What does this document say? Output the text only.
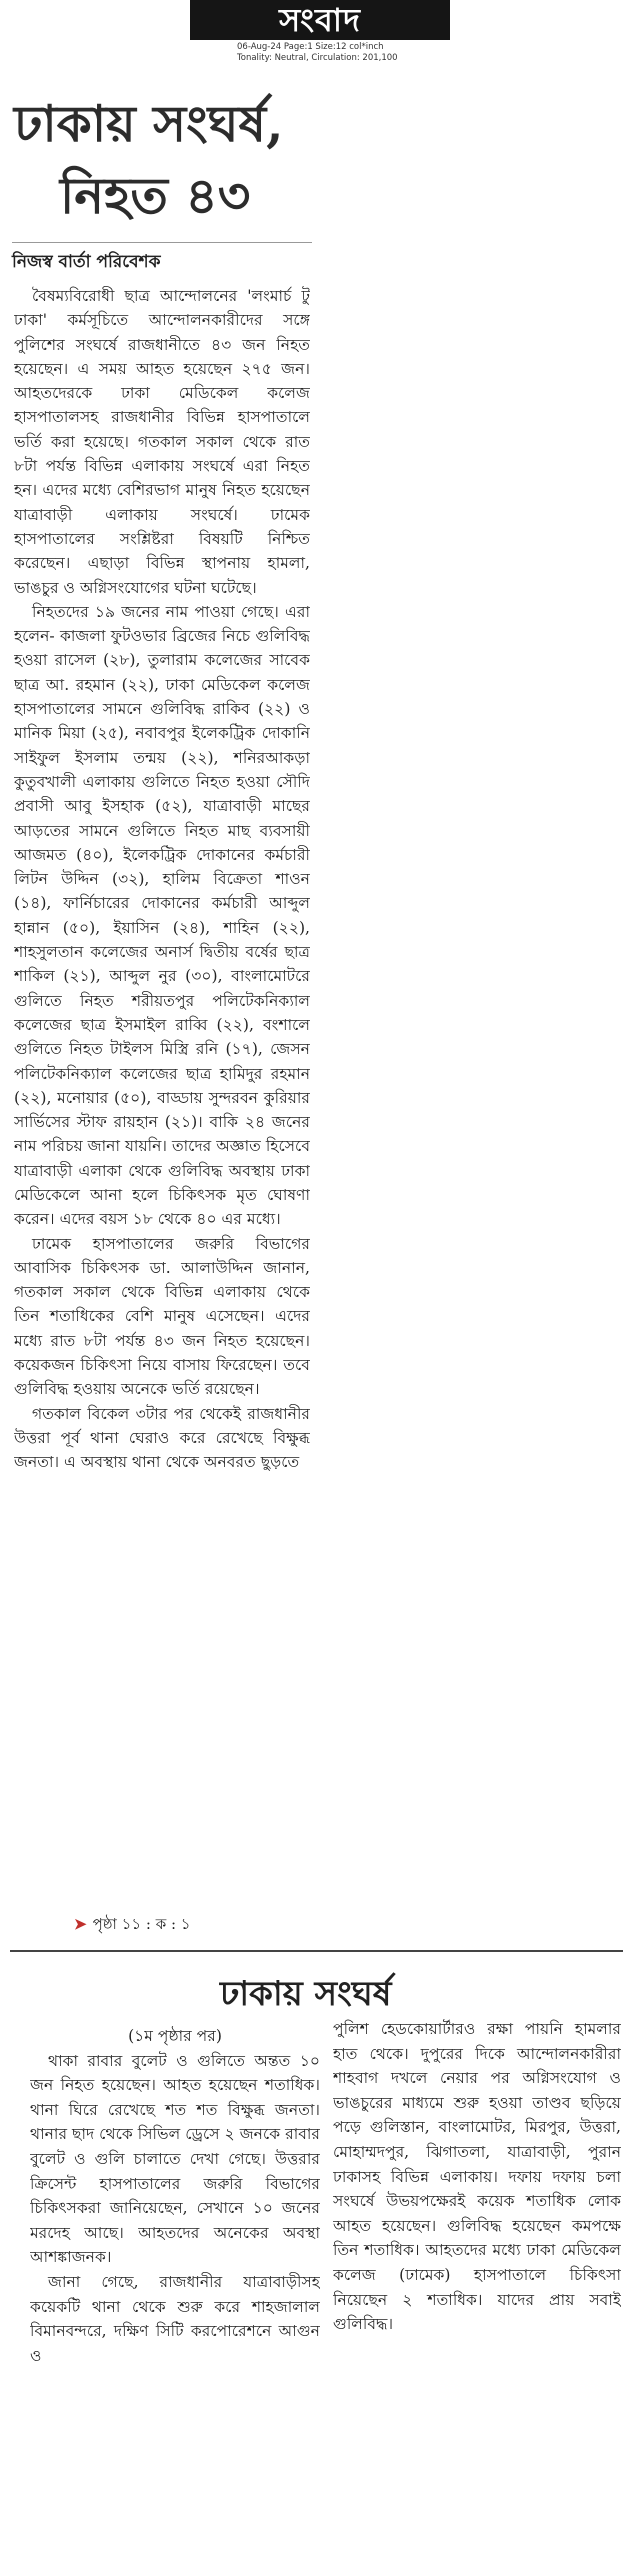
সংবাদ
06-Aug-24 Page:1 Size:12 col*inch
Tonality: Neutral, Circulation: 201,100
ঢাকায় সংঘর্ষ,
নিহত ৪৩
নিজস্ব বার্তা পরিবেশক

বৈষম্যবিরোধী ছাত্র আন্দোলনের 'লংমার্চ টু ঢাকা' কর্মসূচিতে আন্দোলনকারীদের সঙ্গে পুলিশের সংঘর্ষে রাজধানীতে ৪৩ জন নিহত হয়েছেন। এ সময় আহত হয়েছেন ২৭৫ জন। আহতদেরকে ঢাকা মেডিকেল কলেজ হাসপাতালসহ রাজধানীর বিভিন্ন হাসপাতালে ভর্তি করা হয়েছে। গতকাল সকাল থেকে রাত ৮টা পর্যন্ত বিভিন্ন এলাকায় সংঘর্ষে এরা নিহত হন। এদের মধ্যে বেশিরভাগ মানুষ নিহত হয়েছেন যাত্রাবাড়ী এলাকায় সংঘর্ষে। ঢামেক হাসপাতালের সংশ্লিষ্টরা বিষয়টি নিশ্চিত করেছেন। এছাড়া বিভিন্ন স্থাপনায় হামলা, ভাঙচুর ও অগ্নিসংযোগের ঘটনা ঘটেছে।

নিহতদের ১৯ জনের নাম পাওয়া গেছে। এরা হলেন- কাজলা ফুটওভার ব্রিজের নিচে গুলিবিদ্ধ হওয়া রাসেল (২৮), তুলারাম কলেজের সাবেক ছাত্র আ. রহমান (২২), ঢাকা মেডিকেল কলেজ হাসপাতালের সামনে গুলিবিদ্ধ রাকিব (২২) ও মানিক মিয়া (২৫), নবাবপুর ইলেকট্রিক দোকানি সাইফুল ইসলাম তন্ময় (২২), শনিরআকড়া কুতুবখালী এলাকায় গুলিতে নিহত হওয়া সৌদি প্রবাসী আবু ইসহাক (৫২), যাত্রাবাড়ী মাছের আড়তের সামনে গুলিতে নিহত মাছ ব্যবসায়ী আজমত (৪০), ইলেকট্রিক দোকানের কর্মচারী লিটন উদ্দিন (৩২), হালিম বিক্রেতা শাওন (১৪), ফার্নিচারের দোকানের কর্মচারী আব্দুল হান্নান (৫০), ইয়াসিন (২৪), শাহিন (২২), শাহসুলতান কলেজের অনার্স দ্বিতীয় বর্ষের ছাত্র শাকিল (২১), আব্দুল নুর (৩০), বাংলামোটরে গুলিতে নিহত শরীয়তপুর পলিটেকনিক্যাল কলেজের ছাত্র ইসমাইল রাব্বি (২২), বংশালে গুলিতে নিহত টাইলস মিস্ত্রি রনি (১৭), জেসন পলিটেকনিক্যাল কলেজের ছাত্র হামিদুর রহমান (২২), মনোয়ার (৫০), বাড্ডায় সুন্দরবন কুরিয়ার সার্ভিসের স্টাফ রায়হান (২১)। বাকি ২৪ জনের নাম পরিচয় জানা যায়নি। তাদের অজ্ঞাত হিসেবে যাত্রাবাড়ী এলাকা থেকে গুলিবিদ্ধ অবস্থায় ঢাকা মেডিকেলে আনা হলে চিকিৎসক মৃত ঘোষণা করেন। এদের বয়স ১৮ থেকে ৪০ এর মধ্যে।

ঢামেক হাসপাতালের জরুরি বিভাগের আবাসিক চিকিৎসক ডা. আলাউদ্দিন জানান, গতকাল সকাল থেকে বিভিন্ন এলাকায় থেকে তিন শতাধিকের বেশি মানুষ এসেছেন। এদের মধ্যে রাত ৮টা পর্যন্ত ৪৩ জন নিহত হয়েছেন। কয়েকজন চিকিৎসা নিয়ে বাসায় ফিরেছেন। তবে গুলিবিদ্ধ হওয়ায় অনেকে ভর্তি রয়েছেন।

গতকাল বিকেল ৩টার পর থেকেই রাজধানীর উত্তরা পূর্ব থানা ঘেরাও করে রেখেছে বিক্ষুব্ধ জনতা। এ অবস্থায় থানা থেকে অনবরত ছুড়তে

➤ পৃষ্ঠা ১১ : ক : ১
ঢাকায় সংঘর্ষ
(১ম পৃষ্ঠার পর)

থাকা রাবার বুলেট ও গুলিতে অন্তত ১০ জন নিহত হয়েছেন। আহত হয়েছেন শতাধিক। থানা ঘিরে রেখেছে শত শত বিক্ষুব্ধ জনতা। থানার ছাদ থেকে সিভিল ড্রেসে ২ জনকে রাবার বুলেট ও গুলি চালাতে দেখা গেছে। উত্তরার ক্রিসেন্ট হাসপাতালের জরুরি বিভাগের চিকিৎসকরা জানিয়েছেন, সেখানে ১০ জনের মরদেহ আছে। আহতদের অনেকের অবস্থা আশঙ্কাজনক।

জানা গেছে, রাজধানীর যাত্রাবাড়ীসহ কয়েকটি থানা থেকে শুরু করে শাহজালাল বিমানবন্দরে, দক্ষিণ সিটি করপোরেশনে আগুন ও

পুলিশ হেডকোয়ার্টারও রক্ষা পায়নি হামলার হাত থেকে। দুপুরের দিকে আন্দোলনকারীরা শাহবাগ দখলে নেয়ার পর অগ্নিসংযোগ ও ভাঙচুরের মাধ্যমে শুরু হওয়া তাণ্ডব ছড়িয়ে পড়ে গুলিস্তান, বাংলামোটর, মিরপুর, উত্তরা, মোহাম্মদপুর, ঝিগাতলা, যাত্রাবাড়ী, পুরান ঢাকাসহ বিভিন্ন এলাকায়। দফায় দফায় চলা সংঘর্ষে উভয়পক্ষেরই কয়েক শতাধিক লোক আহত হয়েছেন। গুলিবিদ্ধ হয়েছেন কমপক্ষে তিন শতাধিক। আহতদের মধ্যে ঢাকা মেডিকেল কলেজ (ঢামেক) হাসপাতালে চিকিৎসা নিয়েছেন ২ শতাধিক। যাদের প্রায় সবাই গুলিবিদ্ধ।
